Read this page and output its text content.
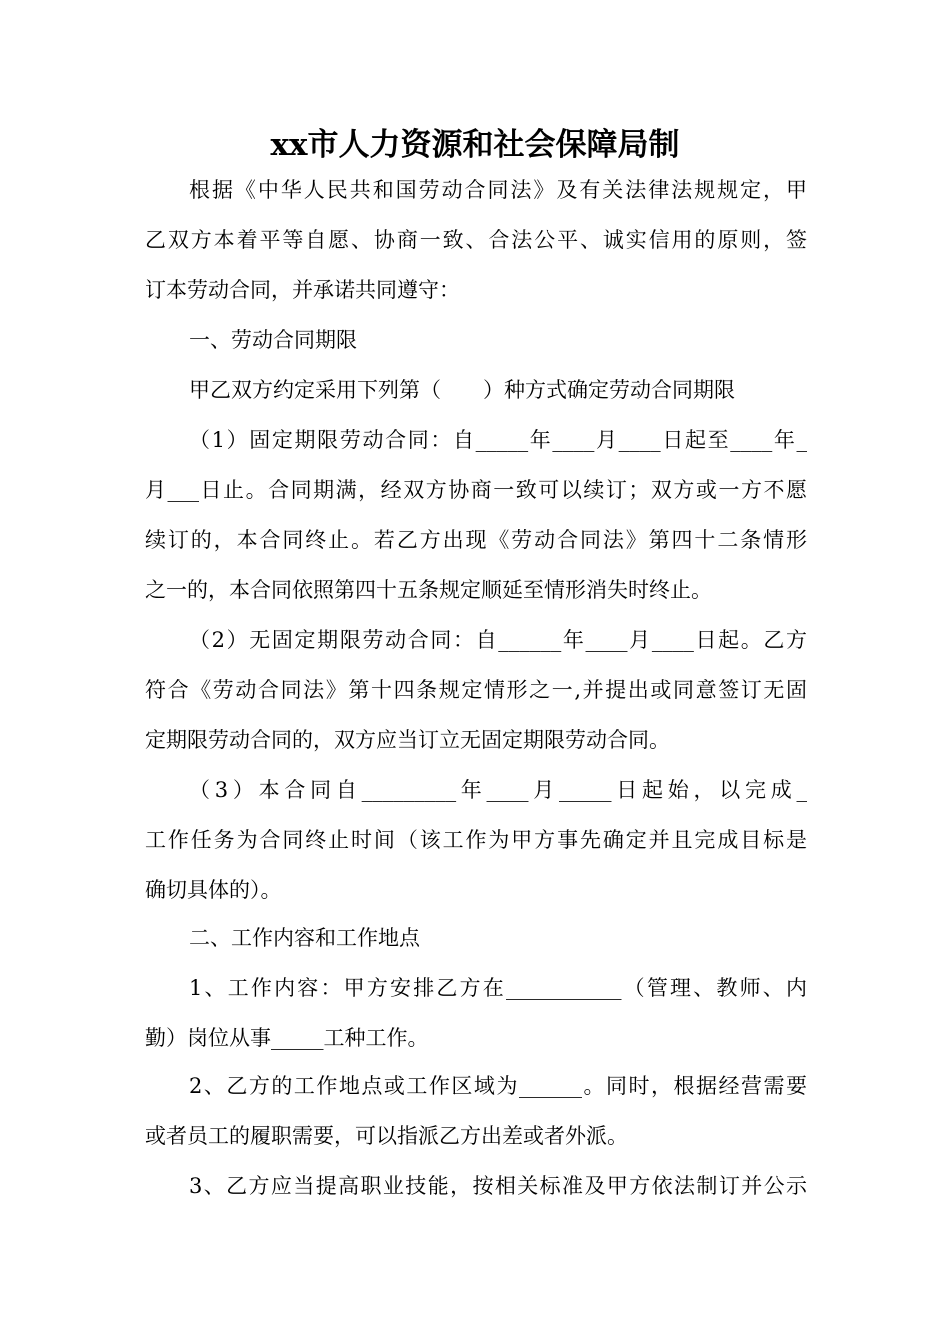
xx市人力资源和社会保障局制
根据《中华人民共和国劳动合同法》及有关法律法规规定，甲
乙双方本着平等自愿、协商一致、合法公平、诚实信用的原则，签
订本劳动合同，并承诺共同遵守：
一、劳动合同期限
甲乙双方约定采用下列第（　　）种方式确定劳动合同期限
（1）固定期限劳动合同：自_____年____月____日起至____年_
月___日止。合同期满，经双方协商一致可以续订；双方或一方不愿
续订的，本合同终止。若乙方出现《劳动合同法》第四十二条情形
之一的，本合同依照第四十五条规定顺延至情形消失时终止。
（2）无固定期限劳动合同：自______年____月____日起。乙方
符合《劳动合同法》第十四条规定情形之一,并提出或同意签订无固
定期限劳动合同的，双方应当订立无固定期限劳动合同。
（3）本合同自_________年____月_____日起始，以完成_
工作任务为合同终止时间（该工作为甲方事先确定并且完成目标是
确切具体的）。
二、工作内容和工作地点
1、工作内容：甲方安排乙方在___________（管理、教师、内
勤）岗位从事_____工种工作。
2、乙方的工作地点或工作区域为______。同时，根据经营需要
或者员工的履职需要，可以指派乙方出差或者外派。
3、乙方应当提高职业技能，按相关标准及甲方依法制订并公示
